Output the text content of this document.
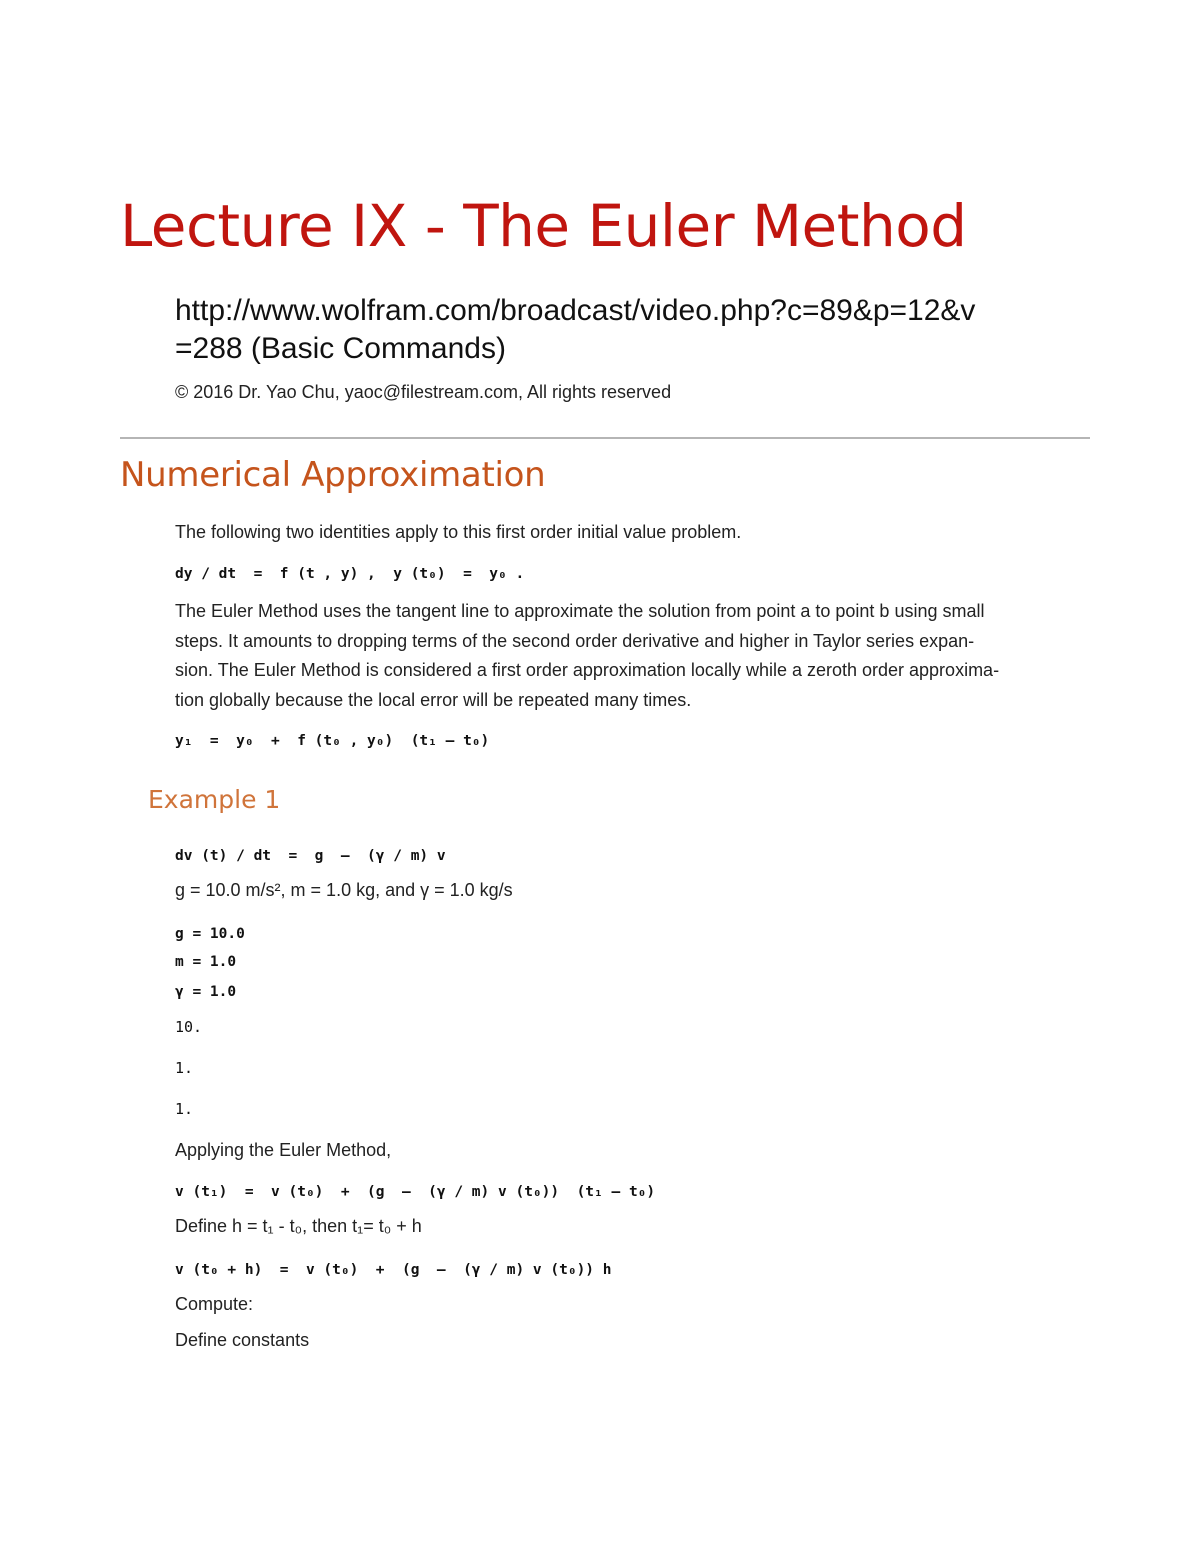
Lecture IX - The Euler Method
http://www.wolfram.com/broadcast/video.php?c=89&p=12&v
=288 (Basic Commands)
© 2016 Dr. Yao Chu, yaoc@filestream.com, All rights reserved
Numerical Approximation
The following two identities apply to this first order initial value problem.
dy / dt  =  f (t , y) ,  y (t₀)  =  y₀ .
The Euler Method uses the tangent line to approximate the solution from point a to point b using small
steps. It amounts to dropping terms of the second order derivative and higher in Taylor series expan-
sion. The Euler Method is considered a first order approximation locally while a zeroth order approxima-
tion globally because the local error will be repeated many times.
y₁  =  y₀  +  f (t₀ , y₀)  (t₁ – t₀)
Example 1
dv (t) / dt  =  g  –  (γ / m) v
g = 10.0 m/s², m = 1.0 kg, and γ = 1.0 kg/s
g = 10.0
m = 1.0
γ = 1.0
10.
1.
1.
Applying the Euler Method,
v (t₁)  =  v (t₀)  +  (g  –  (γ / m) v (t₀))  (t₁ – t₀)
Define h = t₁ - t₀, then t₁= t₀ + h
v (t₀ + h)  =  v (t₀)  +  (g  –  (γ / m) v (t₀)) h
Compute:
Define constants
